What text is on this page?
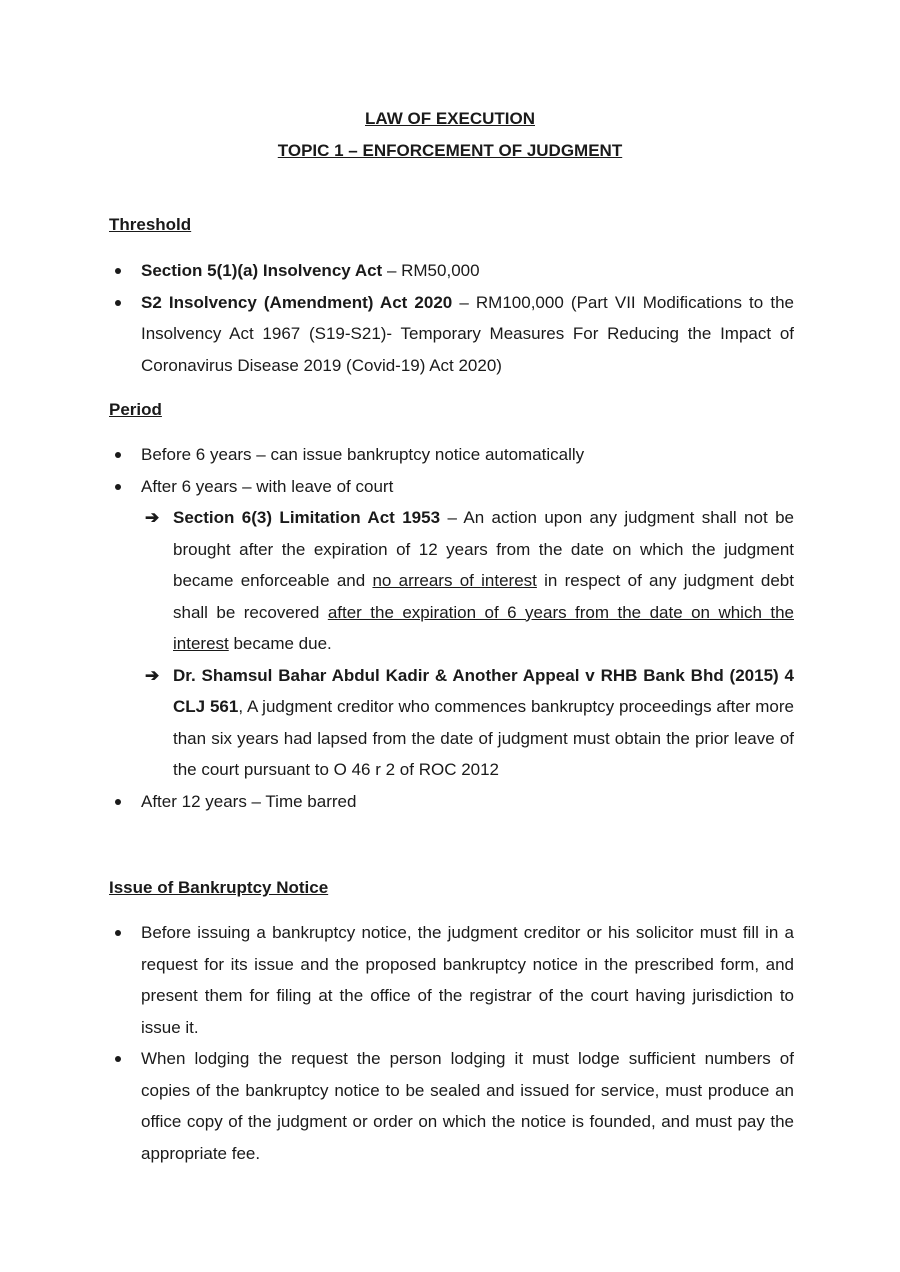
LAW OF EXECUTION
TOPIC 1 – ENFORCEMENT OF JUDGMENT
Threshold
Section 5(1)(a) Insolvency Act – RM50,000
S2 Insolvency (Amendment) Act 2020 – RM100,000 (Part VII Modifications to the Insolvency Act 1967 (S19-S21)- Temporary Measures For Reducing the Impact of Coronavirus Disease 2019 (Covid-19) Act 2020)
Period
Before 6 years – can issue bankruptcy notice automatically
After 6 years – with leave of court
➔ Section 6(3) Limitation Act 1953 – An action upon any judgment shall not be brought after the expiration of 12 years from the date on which the judgment became enforceable and no arrears of interest in respect of any judgment debt shall be recovered after the expiration of 6 years from the date on which the interest became due.
➔ Dr. Shamsul Bahar Abdul Kadir & Another Appeal v RHB Bank Bhd (2015) 4 CLJ 561, A judgment creditor who commences bankruptcy proceedings after more than six years had lapsed from the date of judgment must obtain the prior leave of the court pursuant to O 46 r 2 of ROC 2012
After 12 years – Time barred
Issue of Bankruptcy Notice
Before issuing a bankruptcy notice, the judgment creditor or his solicitor must fill in a request for its issue and the proposed bankruptcy notice in the prescribed form, and present them for filing at the office of the registrar of the court having jurisdiction to issue it.
When lodging the request the person lodging it must lodge sufficient numbers of copies of the bankruptcy notice to be sealed and issued for service, must produce an office copy of the judgment or order on which the notice is founded, and must pay the appropriate fee.
